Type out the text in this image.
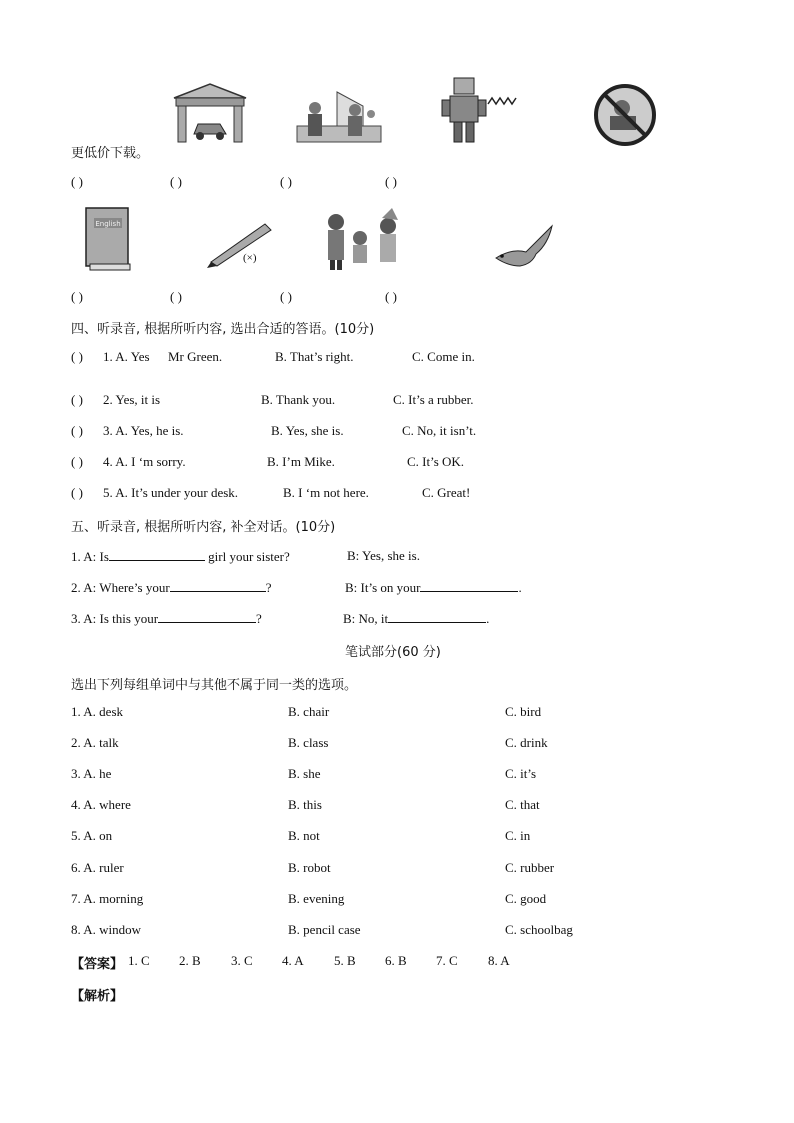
更低价下载。
( )	( )	( )	( )
English
(×)
( )	( )	( )	( )
四、听录音, 根据所听内容, 选出合适的答语。(10分)
( ) 1. A. Yes Mr Green.	B. That’s right.	C. Come in.
( ) 2. Yes, it is	B. Thank you.	C. It’s a rubber.
( ) 3. A. Yes, he is.	B. Yes, she is.	C. No, it isn’t.
( ) 4. A. I ‘m sorry.	B. I’m Mike.	C. It’s OK.
( ) 5. A. It’s under your desk.	B. I ‘m not here.	C. Great!
五、听录音, 根据所听内容, 补全对话。(10分)
1. A: Is	girl your sister?	B: Yes, she is.
2. A: Where’s your	?	B: It’s on your	.
3. A: Is this your	?	B: No, it	.
笔试部分(60 分)
选出下列每组单词中与其他不属于同一类的选项。
1. A. desk	B. chair	C. bird
2. A. talk	B. class	C. drink
3. A. he	B. she	C. it’s
4. A. where	B. this	C. that
5. A. on	B. not	C. in
6. A. ruler	B. robot	C. rubber
7. A. morning	B. evening	C. good
8. A. window	B. pencil case	C. schoolbag
【答案】 1. C 2. B 3. C 4. A 5. B 6. B 7. C 8. A
【解析】
